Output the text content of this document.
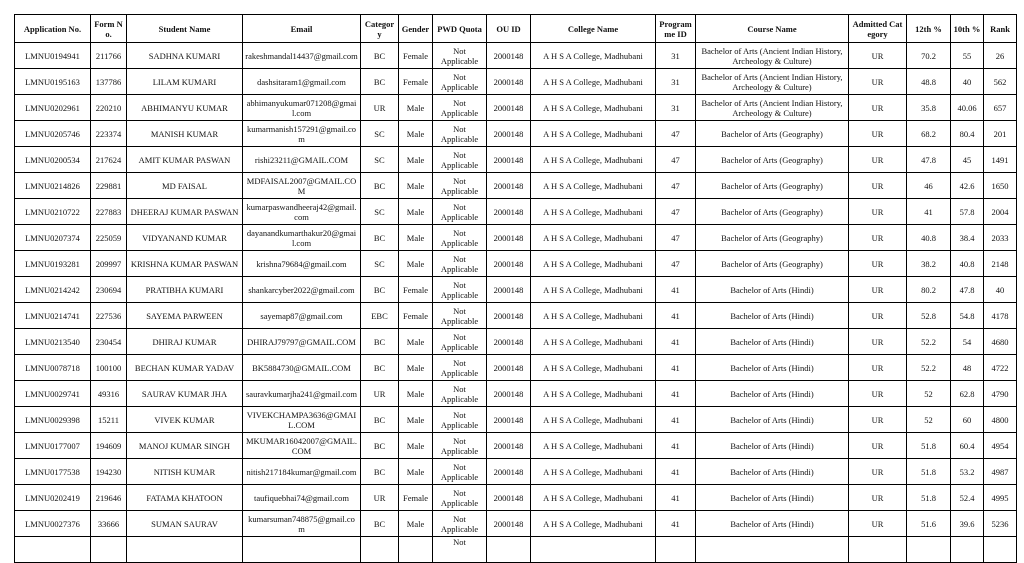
Application No.	Form No.	Student Name	Email	Category	Gender	PWD Quota	OU ID	College Name	Program me ID	Course Name	Admitted Category	12th %	10th %	Rank
LMNU0194941	211766	SADHNA KUMARI	rakeshmandal14437@gmail.com	BC	Female	Not Applicable	2000148	A H S A College, Madhubani	31	Bachelor of Arts (Ancient Indian History, Archeology & Culture)	UR	70.2	55	26
LMNU0195163	137786	LILAM KUMARI	dashsitaram1@gmail.com	BC	Female	Not Applicable	2000148	A H S A College, Madhubani	31	Bachelor of Arts (Ancient Indian History, Archeology & Culture)	UR	48.8	40	562
LMNU0202961	220210	ABHIMANYU KUMAR	abhimanyukumar071208@gmail.com	UR	Male	Not Applicable	2000148	A H S A College, Madhubani	31	Bachelor of Arts (Ancient Indian History, Archeology & Culture)	UR	35.8	40.06	657
LMNU0205746	223374	MANISH KUMAR	kumarmanish157291@gmail.com	SC	Male	Not Applicable	2000148	A H S A College, Madhubani	47	Bachelor of Arts (Geography)	UR	68.2	80.4	201
LMNU0200534	217624	AMIT KUMAR PASWAN	rishi23211@GMAIL.COM	SC	Male	Not Applicable	2000148	A H S A College, Madhubani	47	Bachelor of Arts (Geography)	UR	47.8	45	1491
LMNU0214826	229881	MD FAISAL	MDFAISAL2007@GMAIL.COM	BC	Male	Not Applicable	2000148	A H S A College, Madhubani	47	Bachelor of Arts (Geography)	UR	46	42.6	1650
LMNU0210722	227883	DHEERAJ KUMAR PASWAN	kumarpaswandheeraj42@gmail.com	SC	Male	Not Applicable	2000148	A H S A College, Madhubani	47	Bachelor of Arts (Geography)	UR	41	57.8	2004
LMNU0207374	225059	VIDYANAND KUMAR	dayanandkumarthakur20@gmail.com	BC	Male	Not Applicable	2000148	A H S A College, Madhubani	47	Bachelor of Arts (Geography)	UR	40.8	38.4	2033
LMNU0193281	209997	KRISHNA KUMAR PASWAN	krishna79684@gmail.com	SC	Male	Not Applicable	2000148	A H S A College, Madhubani	47	Bachelor of Arts (Geography)	UR	38.2	40.8	2148
LMNU0214242	230694	PRATIBHA KUMARI	shankarcyber2022@gmail.com	BC	Female	Not Applicable	2000148	A H S A College, Madhubani	41	Bachelor of Arts (Hindi)	UR	80.2	47.8	40
LMNU0214741	227536	SAYEMA PARWEEN	sayemap87@gmail.com	EBC	Female	Not Applicable	2000148	A H S A College, Madhubani	41	Bachelor of Arts (Hindi)	UR	52.8	54.8	4178
LMNU0213540	230454	DHIRAJ KUMAR	DHIRAJ79797@GMAIL.COM	BC	Male	Not Applicable	2000148	A H S A College, Madhubani	41	Bachelor of Arts (Hindi)	UR	52.2	54	4680
LMNU0078718	100100	BECHAN KUMAR YADAV	BK5884730@GMAIL.COM	BC	Male	Not Applicable	2000148	A H S A College, Madhubani	41	Bachelor of Arts (Hindi)	UR	52.2	48	4722
LMNU0029741	49316	SAURAV KUMAR JHA	sauravkumarjha241@gmail.com	UR	Male	Not Applicable	2000148	A H S A College, Madhubani	41	Bachelor of Arts (Hindi)	UR	52	62.8	4790
LMNU0029398	15211	VIVEK KUMAR	VIVEKCHAMPA3636@GMAIL.COM	BC	Male	Not Applicable	2000148	A H S A College, Madhubani	41	Bachelor of Arts (Hindi)	UR	52	60	4800
LMNU0177007	194609	MANOJ KUMAR SINGH	MKUMAR16042007@GMAIL.COM	BC	Male	Not Applicable	2000148	A H S A College, Madhubani	41	Bachelor of Arts (Hindi)	UR	51.8	60.4	4954
LMNU0177538	194230	NITISH KUMAR	nitish217184kumar@gmail.com	BC	Male	Not Applicable	2000148	A H S A College, Madhubani	41	Bachelor of Arts (Hindi)	UR	51.8	53.2	4987
LMNU0202419	219646	FATAMA KHATOON	taufiquebhai74@gmail.com	UR	Female	Not Applicable	2000148	A H S A College, Madhubani	41	Bachelor of Arts (Hindi)	UR	51.8	52.4	4995
LMNU0027376	33666	SUMAN SAURAV	kumarsuman748875@gmail.com	BC	Male	Not Applicable	2000148	A H S A College, Madhubani	41	Bachelor of Arts (Hindi)	UR	51.6	39.6	5236
						Not								
